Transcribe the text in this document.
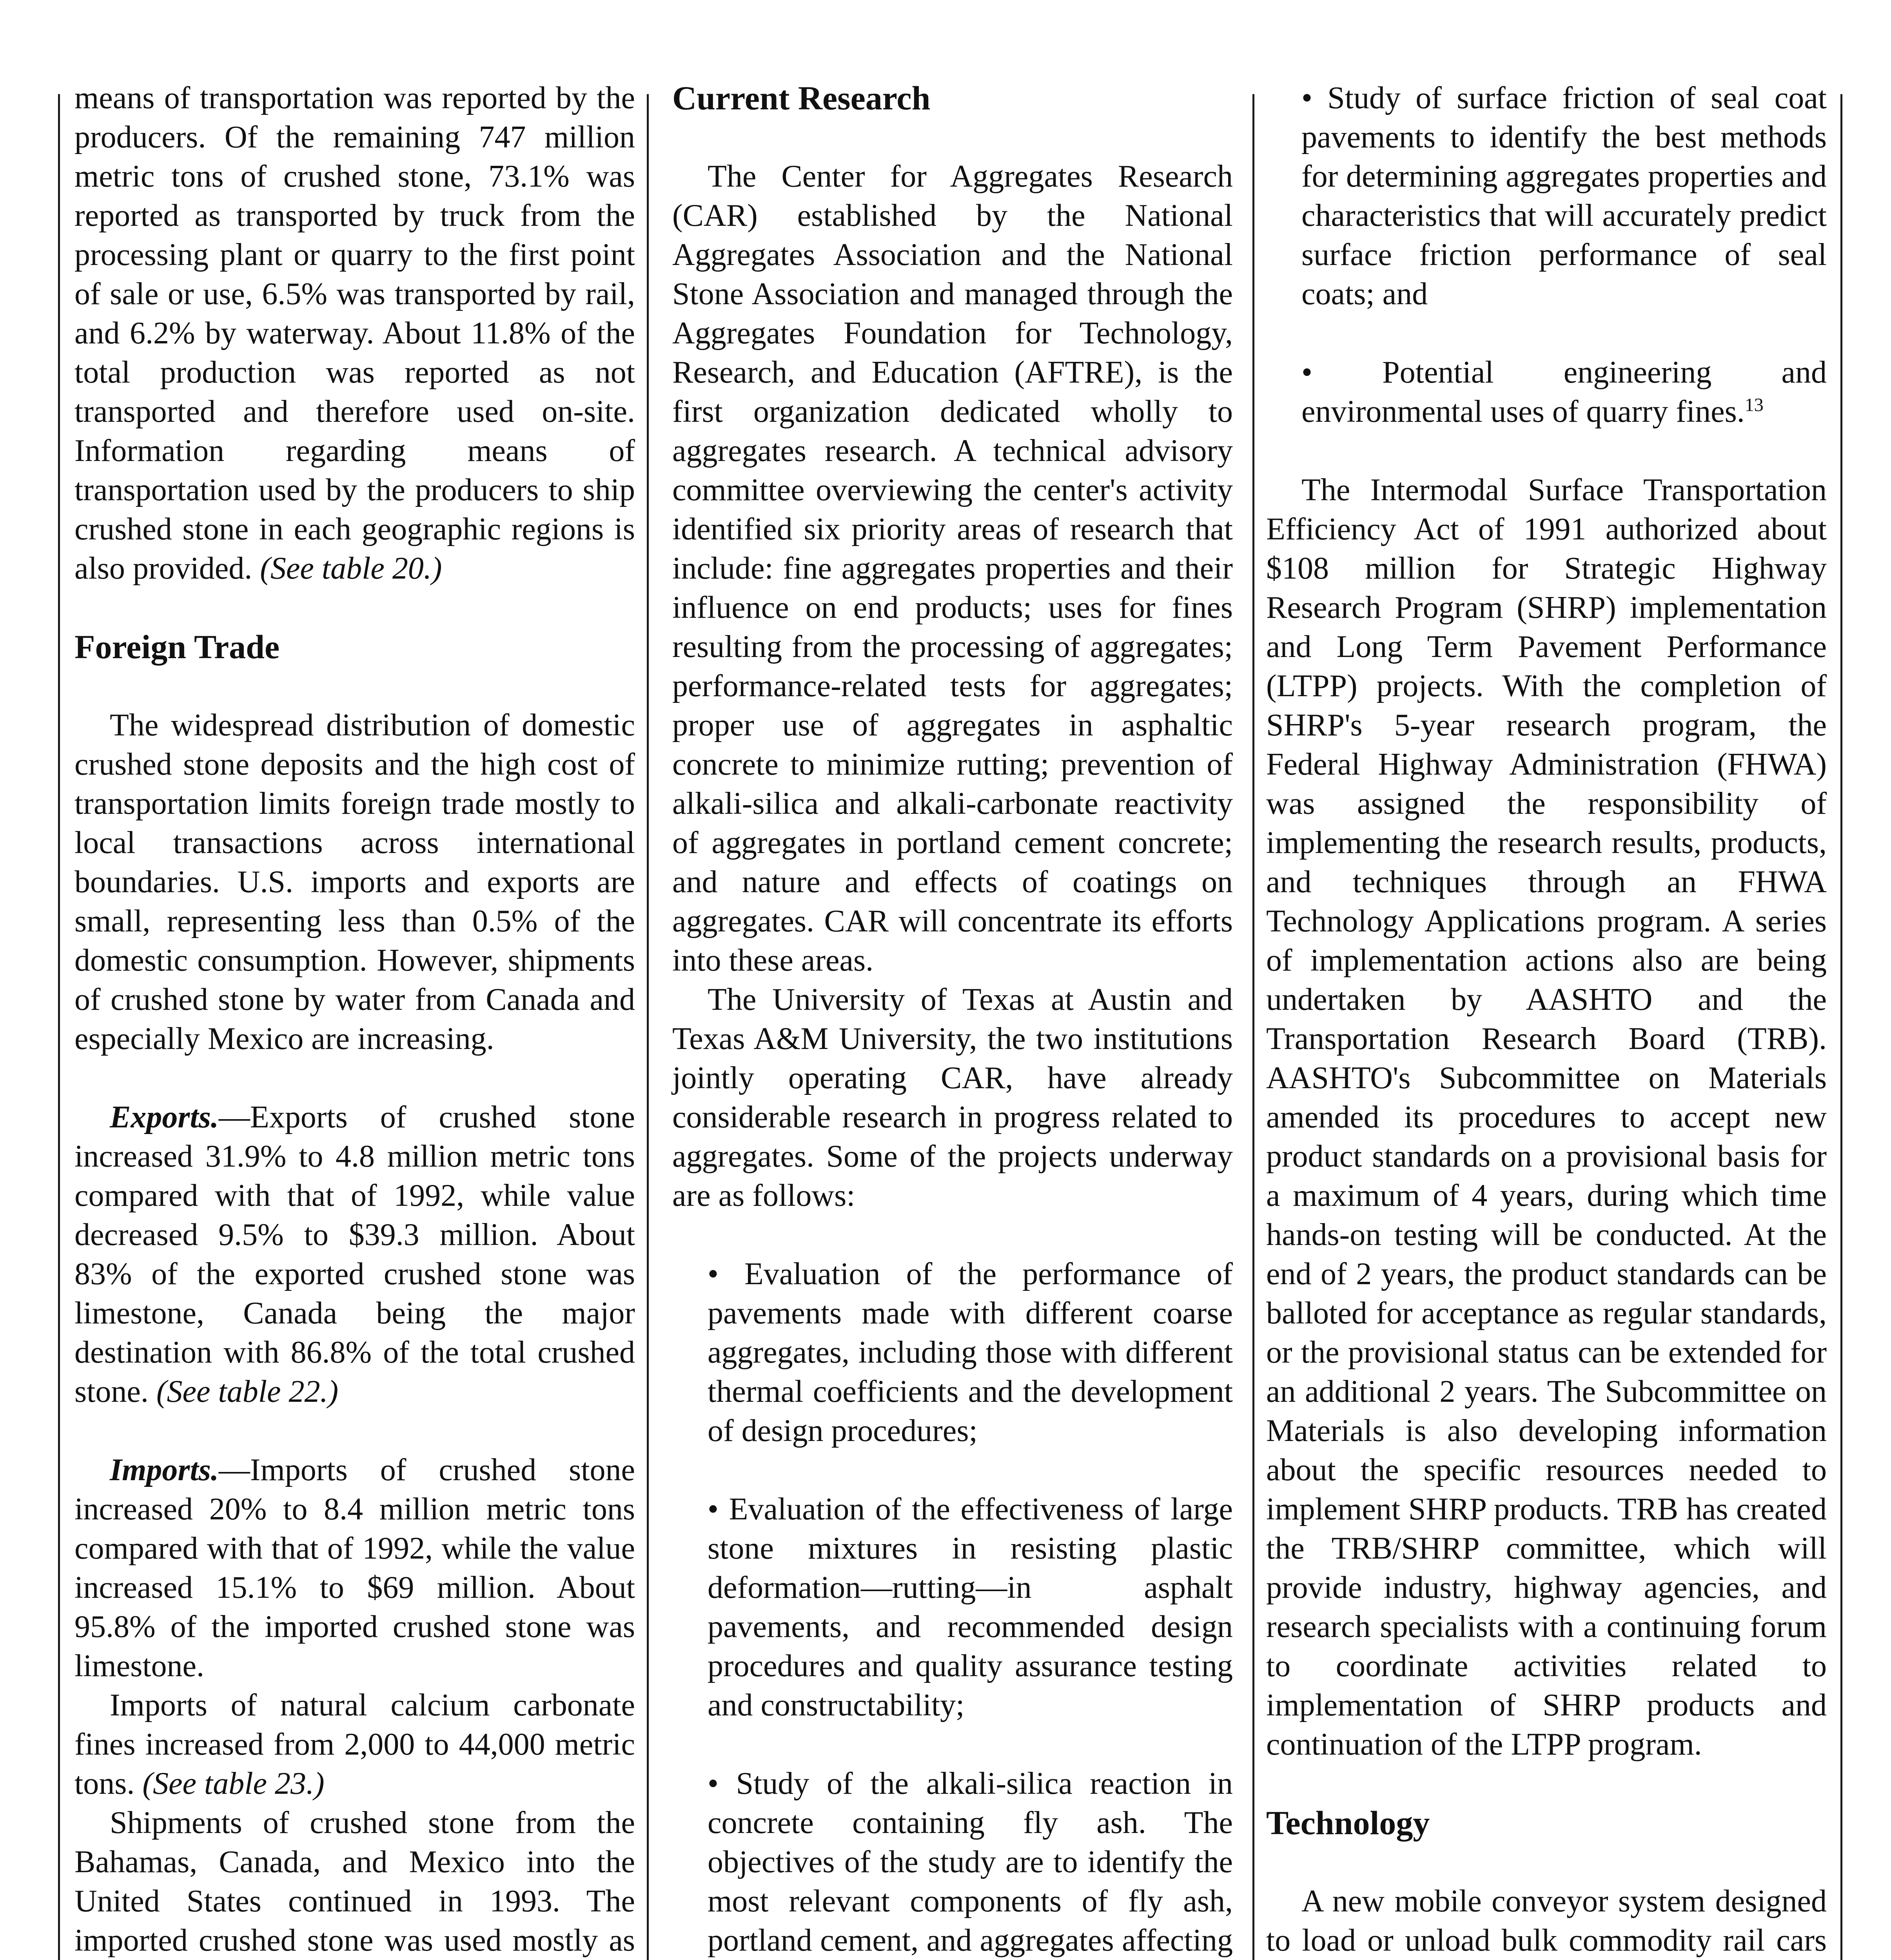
means of transportation was reported by the producers. Of the remaining 747 million metric tons of crushed stone, 73.1% was reported as transported by truck from the processing plant or quarry to the first point of sale or use, 6.5% was transported by rail, and 6.2% by waterway. About 11.8% of the total production was reported as not transported and therefore used on-site. Information regarding means of transportation used by the producers to ship crushed stone in each geographic regions is also provided. (See table 20.)

Foreign Trade

The widespread distribution of domestic crushed stone deposits and the high cost of transportation limits foreign trade mostly to local transactions across international boundaries. U.S. imports and exports are small, representing less than 0.5% of the domestic consumption. However, shipments of crushed stone by water from Canada and especially Mexico are increasing.

Exports.—Exports of crushed stone increased 31.9% to 4.8 million metric tons compared with that of 1992, while value decreased 9.5% to $39.3 million. About 83% of the exported crushed stone was limestone, Canada being the major destination with 86.8% of the total crushed stone. (See table 22.)

Imports.—Imports of crushed stone increased 20% to 8.4 million metric tons compared with that of 1992, while the value increased 15.1% to $69 million. About 95.8% of the imported crushed stone was limestone.

Imports of natural calcium carbonate fines increased from 2,000 to 44,000 metric tons. (See table 23.)

Shipments of crushed stone from the Bahamas, Canada, and Mexico into the United States continued in 1993. The imported crushed stone was used mostly as

Current Research

The Center for Aggregates Research (CAR) established by the National Aggregates Association and the National Stone Association and managed through the Aggregates Foundation for Technology, Research, and Education (AFTRE), is the first organization dedicated wholly to aggregates research. A technical advisory committee overviewing the center's activity identified six priority areas of research that include: fine aggregates properties and their influence on end products; uses for fines resulting from the processing of aggregates; performance-related tests for aggregates; proper use of aggregates in asphaltic concrete to minimize rutting; prevention of alkali-silica and alkali-carbonate reactivity of aggregates in portland cement concrete; and nature and effects of coatings on aggregates. CAR will concentrate its efforts into these areas.

The University of Texas at Austin and Texas A&M University, the two institutions jointly operating CAR, have already considerable research in progress related to aggregates. Some of the projects underway are as follows:

• Evaluation of the performance of pavements made with different coarse aggregates, including those with different thermal coefficients and the development of design procedures;

• Evaluation of the effectiveness of large stone mixtures in resisting plastic deformation—rutting—in asphalt pavements, and recommended design procedures and quality assurance testing and constructability;

• Study of the alkali-silica reaction in concrete containing fly ash. The objectives of the study are to identify the most relevant components of fly ash, portland cement, and aggregates affecting

• Study of surface friction of seal coat pavements to identify the best methods for determining aggregates properties and characteristics that will accurately predict surface friction performance of seal coats; and

• Potential engineering and environmental uses of quarry fines.$^{13}$

The Intermodal Surface Transportation Efficiency Act of 1991 authorized about $108 million for Strategic Highway Research Program (SHRP) implementation and Long Term Pavement Performance (LTPP) projects. With the completion of SHRP's 5-year research program, the Federal Highway Administration (FHWA) was assigned the responsibility of implementing the research results, products, and techniques through an FHWA Technology Applications program. A series of implementation actions also are being undertaken by AASHTO and the Transportation Research Board (TRB). AASHTO's Subcommittee on Materials amended its procedures to accept new product standards on a provisional basis for a maximum of 4 years, during which time hands-on testing will be conducted. At the end of 2 years, the product standards can be balloted for acceptance as regular standards, or the provisional status can be extended for an additional 2 years. The Subcommittee on Materials is also developing information about the specific resources needed to implement SHRP products. TRB has created the TRB/SHRP committee, which will provide industry, highway agencies, and research specialists with a continuing forum to coordinate activities related to implementation of SHRP products and continuation of the LTPP program.

Technology

A new mobile conveyor system designed to load or unload bulk commodity rail cars
